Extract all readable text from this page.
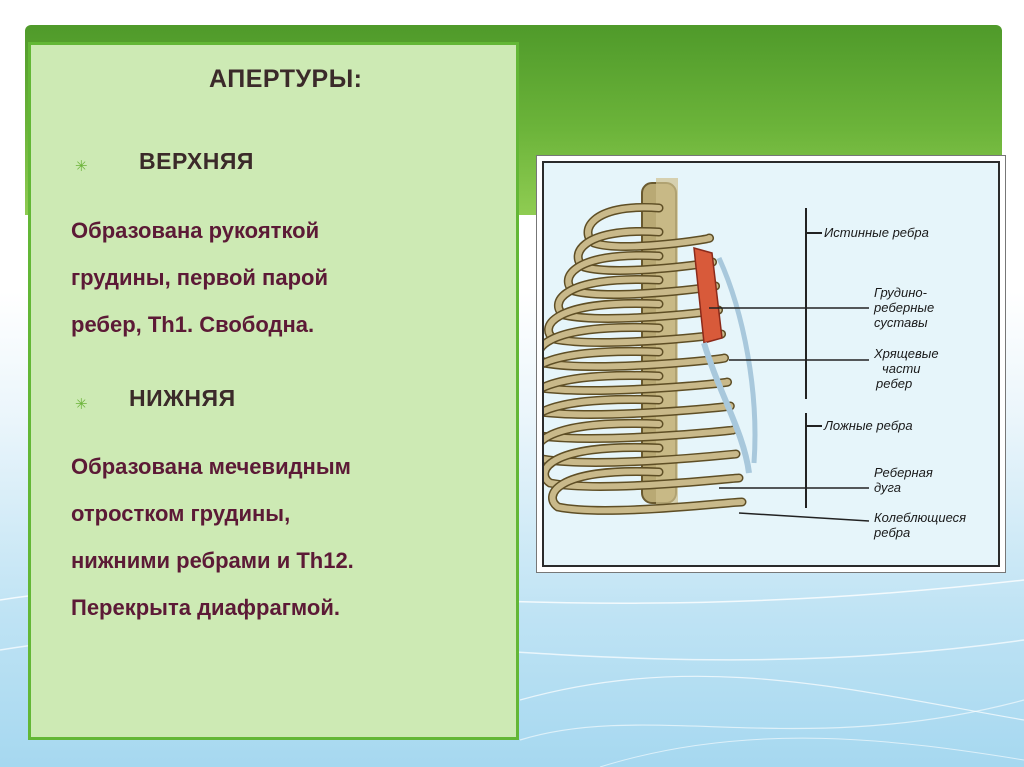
АПЕРТУРЫ:
✳ ВЕРХНЯЯ
Образована рукояткой
грудины, первой парой
ребер, Th1. Свободна.
✳ НИЖНЯЯ
Образована мечевидным
отростком грудины,
нижними ребрами и Th12.
Перекрыта диафрагмой.
Истинные ребра
Грудино-
реберные
суставы
Хрящевые
части
ребер
Ложные ребра
Реберная
дуга
Колеблющиеся
ребра
